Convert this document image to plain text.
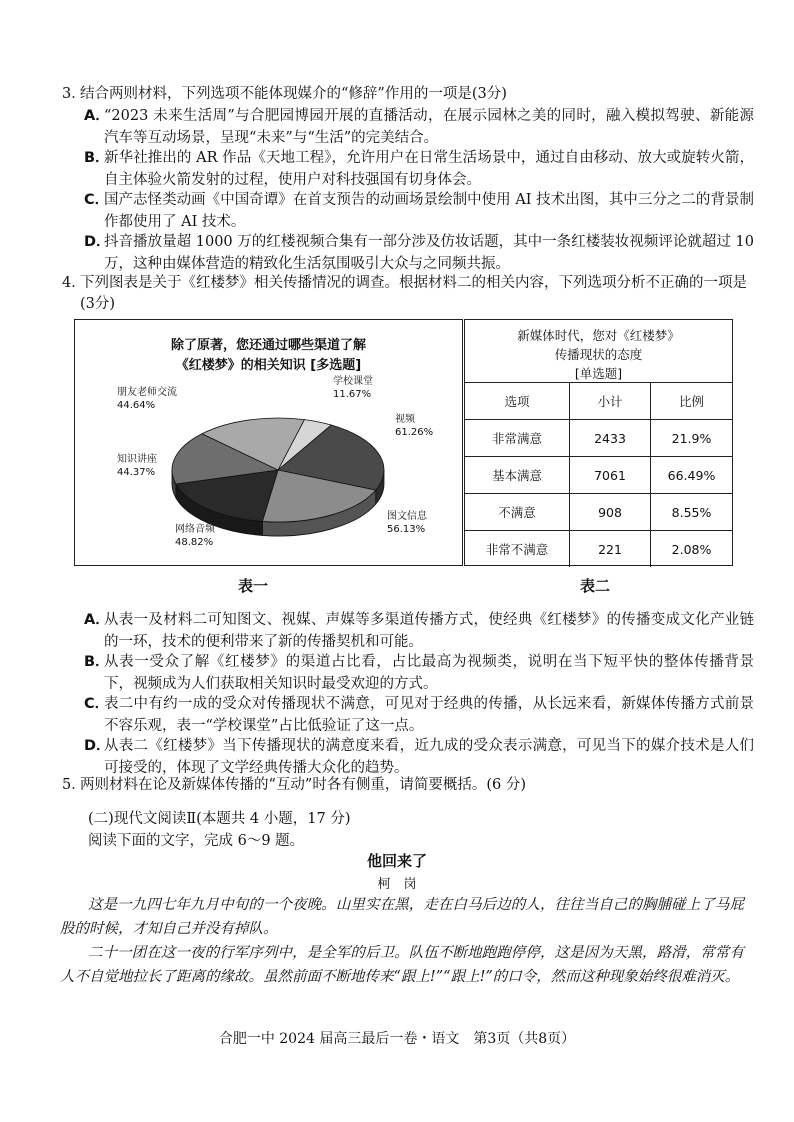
3．
结合两则材料，下列选项不能体现媒介的“修辞”作用的一项是(3分)
A．
“2023 未来生活周”与合肥园博园开展的直播活动，在展示园林之美的同时，融入模拟驾驶、新能源汽车等互动场景，呈现“未来”与“生活”的完美结合。
B．
新华社推出的 AR 作品《天地工程》，允许用户在日常生活场景中，通过自由移动、放大或旋转火箭，自主体验火箭发射的过程，使用户对科技强国有切身体会。
C．
国产志怪类动画《中国奇谭》在首支预告的动画场景绘制中使用 AI 技术出图，其中三分之二的背景制作都使用了 AI 技术。
D．
抖音播放量超 1000 万的红楼视频合集有一部分涉及仿妆话题，其中一条红楼装妆视频评论就超过 10万，这种由媒体营造的精致化生活氛围吸引大众与之同频共振。
4．
下列图表是关于《红楼梦》相关传播情况的调查。根据材料二的相关内容，下列选项分析不正确的一项是(3分)
除了原著，您还通过哪些渠道了解
《红楼梦》的相关知识 [多选题]
学校课堂
11.67%
视频
61.26%
图文信息
56.13%
网络音频
48.82%
知识讲座
44.37%
朋友老师交流
44.64%
新媒体时代，您对《红楼梦》
传播现状的态度
[单选题]
选项	小计	比例
非常满意	2433	21.9%
基本满意	7061	66.49%
不满意	908	8.55%
非常不满意	221	2.08%
表一	表二
A．
从表一及材料二可知图文、视媒、声媒等多渠道传播方式，使经典《红楼梦》的传播变成文化产业链的一环，技术的便利带来了新的传播契机和可能。
B．
从表一受众了解《红楼梦》的渠道占比看，占比最高为视频类，说明在当下短平快的整体传播背景下，视频成为人们获取相关知识时最受欢迎的方式。
C．
表二中有约一成的受众对传播现状不满意，可见对于经典的传播，从长远来看，新媒体传播方式前景不容乐观，表一“学校课堂”占比低验证了这一点。
D．
从表二《红楼梦》当下传播现状的满意度来看，近九成的受众表示满意，可见当下的媒介技术是人们可接受的，体现了文学经典传播大众化的趋势。
5．
两则材料在论及新媒体传播的“互动”时各有侧重，请简要概括。(6 分)
(二)现代文阅读Ⅱ(本题共 4 小题，17 分)
阅读下面的文字，完成 6～9 题。
他回来了
柯　岗
这是一九四七年九月中旬的一个夜晚。山里实在黑，走在白马后边的人，往往当自己的胸脯碰上了马屁股的时候，才知自己并没有掉队。
二十一团在这一夜的行军序列中，是全军的后卫。队伍不断地跑跑停停，这是因为天黑，路滑，常常有人不自觉地拉长了距离的缘故。虽然前面不断地传来“跟上!”“跟上!”的口令，然而这种现象始终很难消灭。
合肥一中 2024 届高三最后一卷・语文　第3页（共8页）
